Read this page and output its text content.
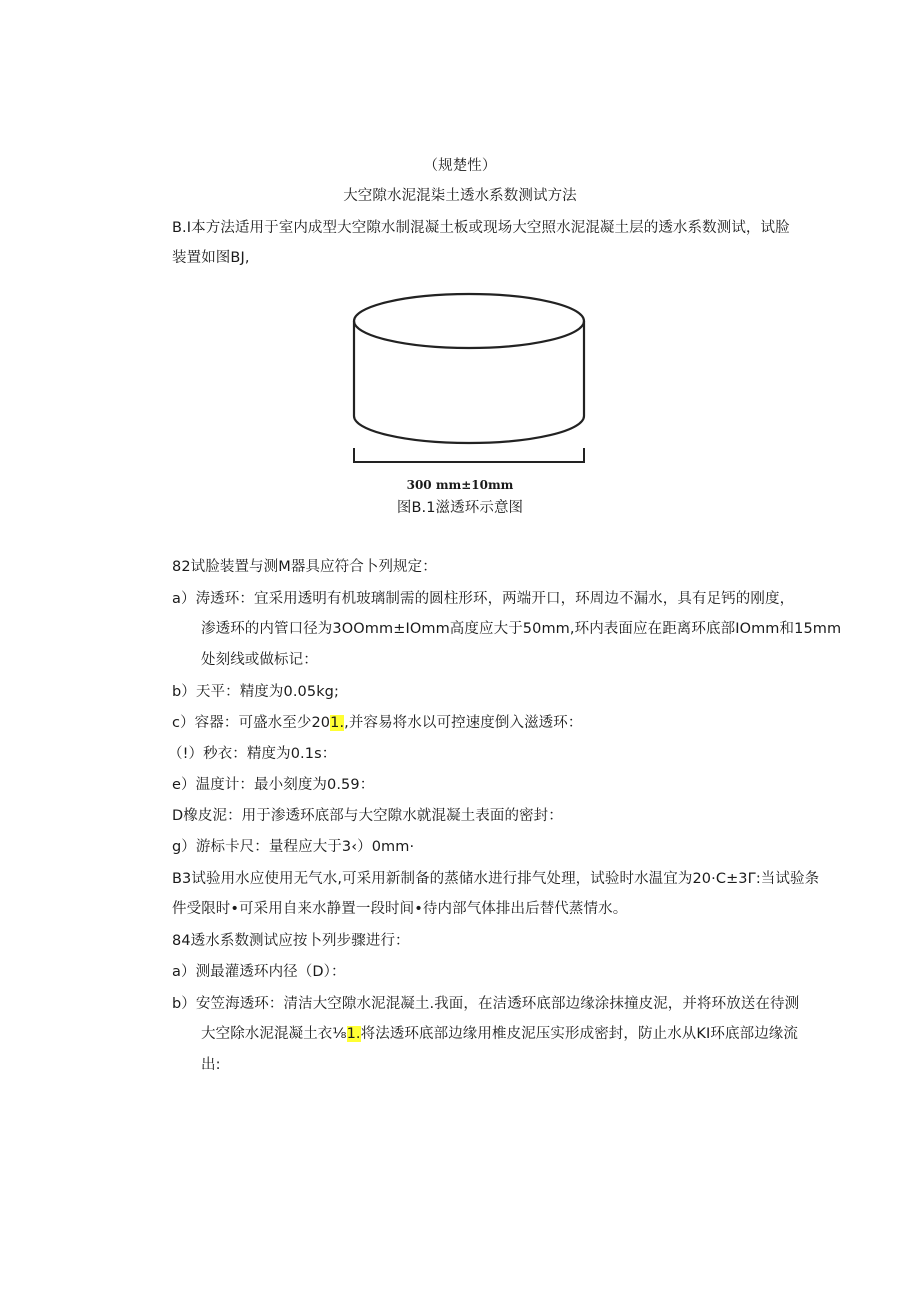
（规楚性）
大空隙水泥混柒土透水系数测试方法
B.I本方法适用于室内成型大空隙水制混凝土板或现场大空照水泥混凝土层的透水系数测试，试脸
装置如图BJ,
300 mm±10mm
图B.1滋透环示意图
82试脸装置与测M器具应符合卜列规定：
a）涛透环：宜采用透明有机玻璃制需的圆柱形环，两端开口，环周边不漏水，具有足钙的刚度，
渗透环的内管口径为3OOmm±IOmm高度应大于50mm,环内表面应在距离环底部IOmm和15mm
处刻线或做标记：
b）天平：精度为0.05kg;
c）容器：可盛水至少201.,并容易将水以可控速度倒入滋透环：
（!）秒衣：精度为0.1s：
e）温度计：最小刻度为0.59：
D橡皮泥：用于渗透环底部与大空隙水就混凝土表面的密封：
g）游标卡尺：量程应大于3‹）0mm·
B3试验用水应使用无气水,可采用新制备的蒸储水进行排气处理，试验时水温宜为20·C±3Γ:当试验条
件受限时•可采用自来水静置一段时间•待内部气体排出后替代蒸情水。
84透水系数测试应按卜列步骤进行：
a）测最灌透环内径（D）：
b）安笠海透环：清洁大空隙水泥混凝土.我面，在洁透环底部边缘涂抹撞皮泥，并将环放送在待测
大空除水泥混凝土衣⅛1.将法透环底部边缘用椎皮泥压实形成密封，防止水从KI环底部边缘流
出:
